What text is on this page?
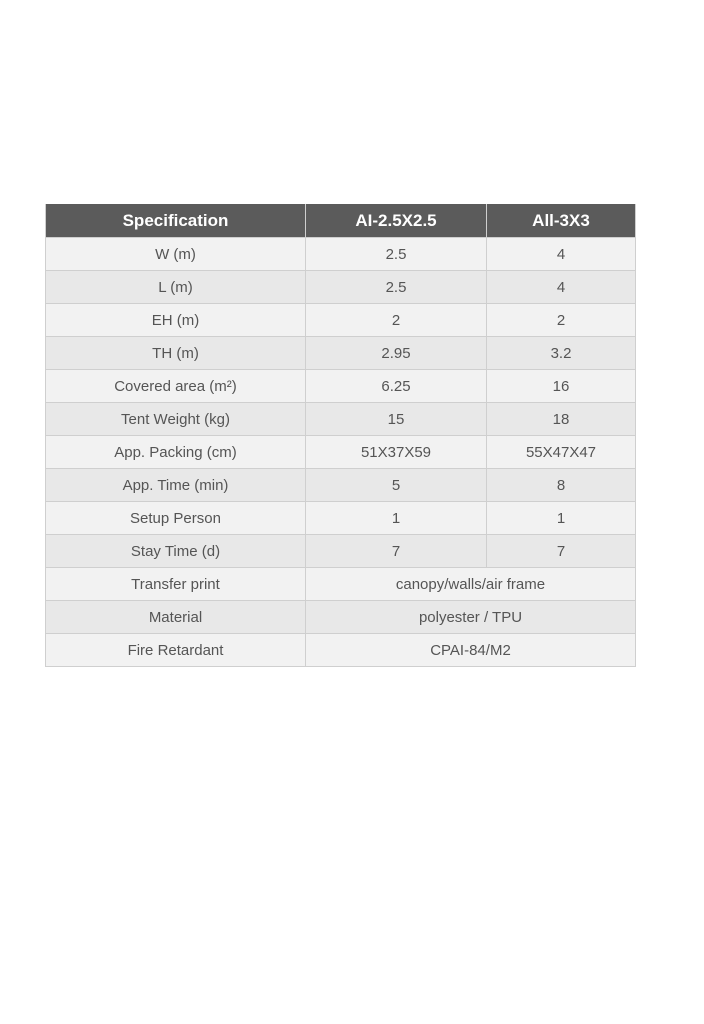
Specification	AI-2.5X2.5	All-3X3
W (m)	2.5	4
L (m)	2.5	4
EH (m)	2	2
TH (m)	2.95	3.2
Covered area (m²)	6.25	16
Tent Weight (kg)	15	18
App. Packing (cm)	51X37X59	55X47X47
App. Time (min)	5	8
Setup Person	1	1
Stay Time (d)	7	7
Transfer print	canopy/walls/air frame	
Material	polyester / TPU	
Fire Retardant	CPAI-84/M2	
